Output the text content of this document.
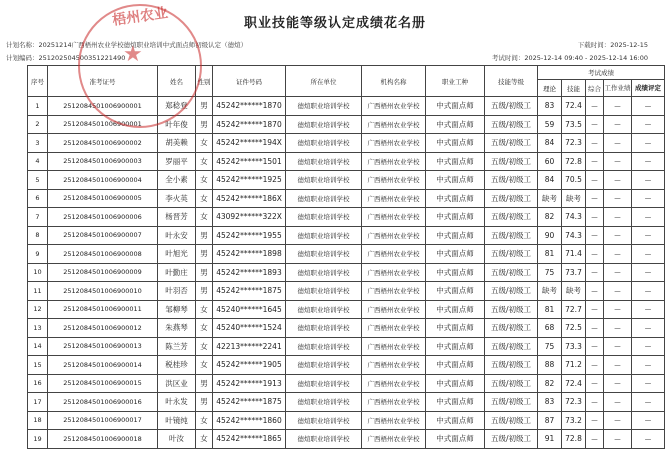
职业技能等级认定成绩花名册
计划名称：20251214广西梧州农业学校德煊职业培训中式面点师初级认定（德煊）	下载时间：2025-12-15
计划编码：251202504500351221490	考试时间：2025-12-14 09:40 - 2025-12-14 16:00
梧州农业
★
序号	准考证号	姓名	性别	证件号码	所在单位	机构名称	职业工种	技能等级	考试成绩				
									理论	技能	综合	工作业绩	成绩评定
1	2512084501006900001	郑稔登	男	45242******1870	德煊职业培训学校	广西梧州农业学校	中式面点师	五级/初级工	83	72.4	—	—	—
2	2512084501006900001	叶年俊	男	45242******1870	德煊职业培训学校	广西梧州农业学校	中式面点师	五级/初级工	59	73.5	—	—	—
3	2512084501006900002	胡美赖	女	45242******194X	德煊职业培训学校	广西梧州农业学校	中式面点师	五级/初级工	84	72.3	—	—	—
4	2512084501006900003	罗丽平	女	45242******1501	德煊职业培训学校	广西梧州农业学校	中式面点师	五级/初级工	60	72.8	—	—	—
5	2512084501006900004	全小素	女	45242******1925	德煊职业培训学校	广西梧州农业学校	中式面点师	五级/初级工	84	70.5	—	—	—
6	2512084501006900005	李火英	女	45242******186X	德煊职业培训学校	广西梧州农业学校	中式面点师	五级/初级工	缺考	缺考	—	—	—
7	2512084501006900006	杨晋芳	女	43092******322X	德煊职业培训学校	广西梧州农业学校	中式面点师	五级/初级工	82	74.3	—	—	—
8	2512084501006900007	叶永安	男	45242******1955	德煊职业培训学校	广西梧州农业学校	中式面点师	五级/初级工	90	74.3	—	—	—
9	2512084501006900008	叶旭光	男	45242******1898	德煊职业培训学校	广西梧州农业学校	中式面点师	五级/初级工	81	71.4	—	—	—
10	2512084501006900009	叶勤庄	男	45242******1893	德煊职业培训学校	广西梧州农业学校	中式面点师	五级/初级工	75	73.7	—	—	—
11	2512084501006900010	叶羽否	男	45242******1875	德煊职业培训学校	广西梧州农业学校	中式面点师	五级/初级工	缺考	缺考	—	—	—
12	2512084501006900011	邹柳琴	女	45240******1645	德煊职业培训学校	广西梧州农业学校	中式面点师	五级/初级工	81	72.7	—	—	—
13	2512084501006900012	朱燕琴	女	45240******1524	德煊职业培训学校	广西梧州农业学校	中式面点师	五级/初级工	68	72.5	—	—	—
14	2512084501006900013	陈兰芳	女	42213******2241	德煊职业培训学校	广西梧州农业学校	中式面点师	五级/初级工	75	73.3	—	—	—
15	2512084501006900014	税桂珍	女	45242******1905	德煊职业培训学校	广西梧州农业学校	中式面点师	五级/初级工	88	71.2	—	—	—
16	2512084501006900015	洪区业	男	45242******1913	德煊职业培训学校	广西梧州农业学校	中式面点师	五级/初级工	82	72.4	—	—	—
17	2512084501006900016	叶永发	男	45242******1875	德煊职业培训学校	广西梧州农业学校	中式面点师	五级/初级工	83	72.3	—	—	—
18	2512084501006900017	叶镜纯	女	45242******1860	德煊职业培训学校	广西梧州农业学校	中式面点师	五级/初级工	87	73.2	—	—	—
19	2512084501006900018	叶汝	女	45242******1865	德煊职业培训学校	广西梧州农业学校	中式面点师	五级/初级工	91	72.8	—	—	—
